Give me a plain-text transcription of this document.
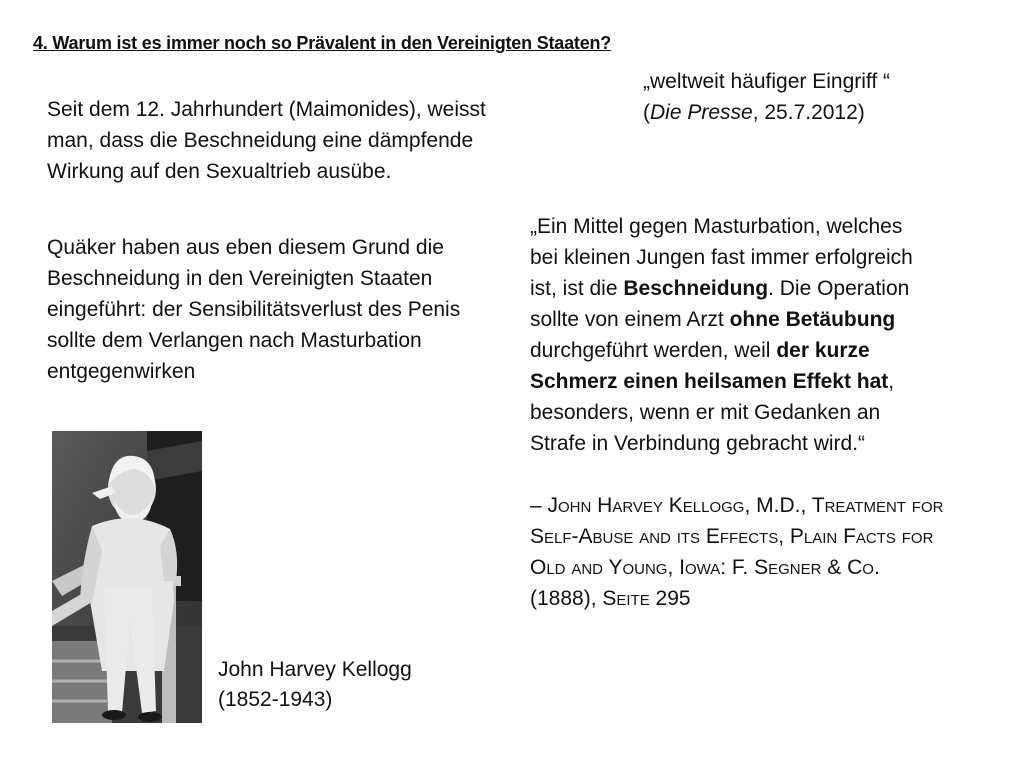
4. Warum ist es immer noch so Prävalent in den Vereinigten Staaten?
Seit dem 12. Jahrhundert (Maimonides), weisst
man, dass die Beschneidung eine dämpfende
Wirkung auf den Sexualtrieb ausübe.
Quäker haben aus eben diesem Grund die
Beschneidung in den Vereinigten Staaten
eingeführt: der Sensibilitätsverlust des Penis
sollte dem Verlangen nach Masturbation
entgegenwirken
„weltweit häufiger Eingriff “
(Die Presse, 25.7.2012)
„Ein Mittel gegen Masturbation, welches
bei kleinen Jungen fast immer erfolgreich
ist, ist die Beschneidung. Die Operation
sollte von einem Arzt ohne Betäubung
durchgeführt werden, weil der kurze
Schmerz einen heilsamen Effekt hat,
besonders, wenn er mit Gedanken an
Strafe in Verbindung gebracht wird.“
– John Harvey Kellogg, M.D., Treatment for
Self-Abuse and its Effects, Plain Facts for
Old and Young, Iowa: F. Segner & Co.
(1888), Seite 295
John Harvey Kellogg
(1852-1943)
